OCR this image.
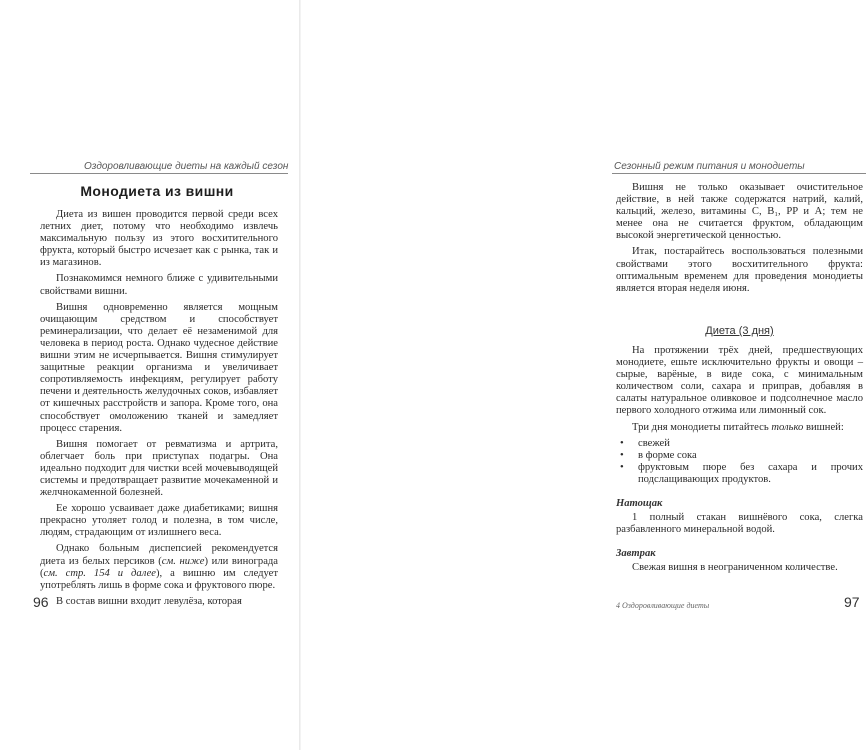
Оздоровливающие диеты на каждый сезон
Монодиета из вишни

Диета из вишен проводится первой среди всех летних диет, потому что необходимо извлечь максимальную пользу из этого восхитительного фрукта, который быстро исчезает как с рынка, так и из магазинов.

Познакомимся немного ближе с удивительными свойствами вишни.

Вишня одновременно является мощным очищающим средством и способствует реминерализации, что делает её незаменимой для человека в период роста. Однако чудесное действие вишни этим не исчерпывается. Вишня стимулирует защитные реакции организма и увеличивает сопротивляемость инфекциям, регулирует работу печени и деятельность желудочных соков, избавляет от кишечных расстройств и запора. Кроме того, она способствует омоложению тканей и замедляет процесс старения.

Вишня помогает от ревматизма и артрита, облегчает боль при приступах подагры. Она идеально подходит для чистки всей мочевыводящей системы и предотвращает развитие мочекаменной и желчнокаменной болезней.

Ее хорошо усваивает даже диабетиками; вишня прекрасно утоляет голод и полезна, в том числе, людям, страдающим от излишнего веса.

Однако больным диспепсией рекомендуется диета из белых персиков (см. ниже) или винограда (см. стр. 154 и далее), а вишню им следует употреблять лишь в форме сока и фруктового пюре.

В состав вишни входит левулёза, которая

96
Сезонный режим питания и монодиеты

Вишня не только оказывает очистительное действие, в ней также содержатся натрий, калий, кальций, железо, витамины C, B₁, PP и A; тем не менее она не считается фруктом, обладающим высокой энергетической ценностью.

Итак, постарайтесь воспользоваться полезными свойствами этого восхитительного фрукта: оптимальным временем для проведения монодиеты является вторая неделя июня.

Диета (3 дня)

На протяжении трёх дней, предшествующих монодиете, ешьте исключительно фрукты и овощи – сырые, варёные, в виде сока, с минимальным количеством соли, сахара и приправ, добавляя в салаты натуральное оливковое и подсолнечное масло первого холодного отжима или лимонный сок.

Три дня монодиеты питайтесь только вишней:

• свежей
• в форме сока
• фруктовым пюре без сахара и прочих подслащивающих продуктов.
Натощак

1 полный стакан вишнёвого сока, слегка разбавленного минеральной водой.

Завтрак

Свежая вишня в неограниченном количестве.

4 Оздоровливающие диеты	97
